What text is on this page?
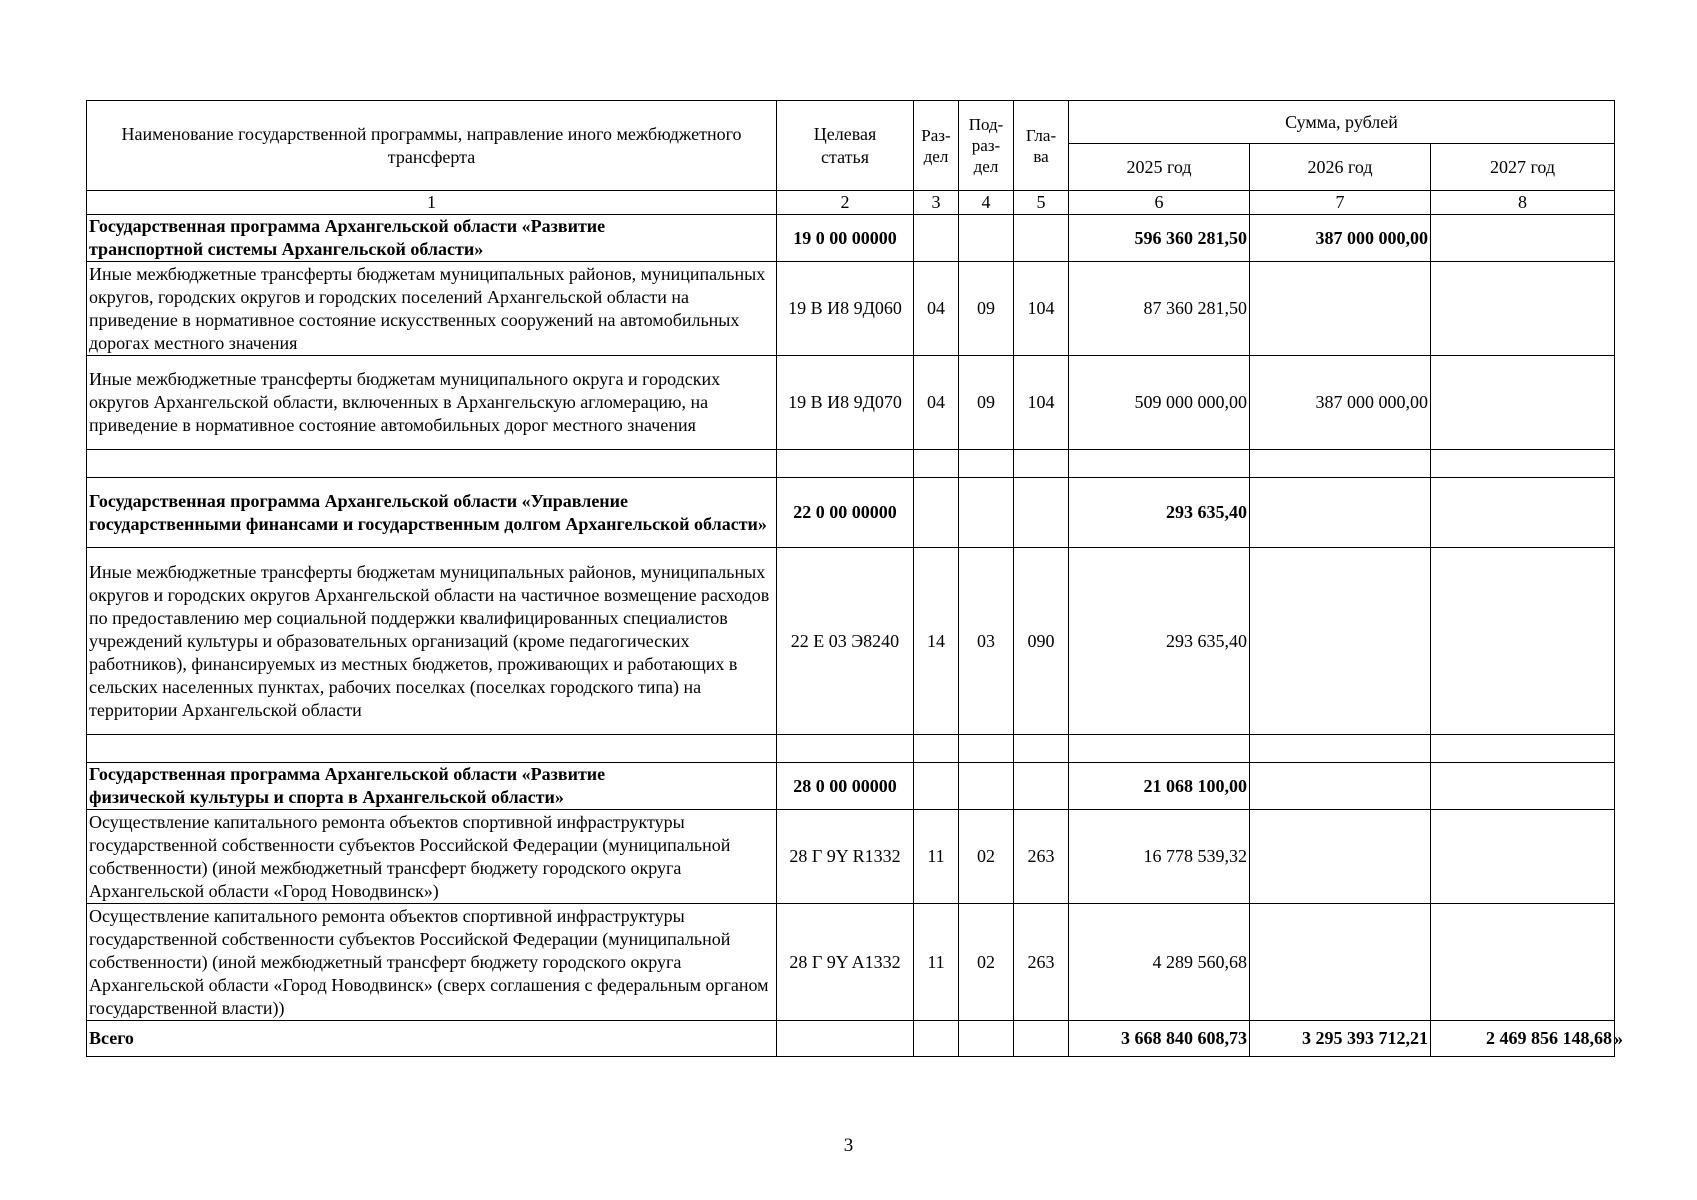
Наименование государственной программы, направление иного межбюджетного трансферта	Целевая статья	Раз-дел	Под-раз-дел	Гла-ва	Сумма, рублей		
					2025 год	2026 год	2027 год
1	2	3	4	5	6	7	8
Государственная программа Архангельской области «Развитие транспортной системы Архангельской области»	19 0 00 00000				596 360 281,50	387 000 000,00	
Иные межбюджетные трансферты бюджетам муниципальных районов, муниципальных округов, городских округов и городских поселений Архангельской области на приведение в нормативное состояние искусственных сооружений на автомобильных дорогах местного значения	19 В И8 9Д060	04	09	104	87 360 281,50		
Иные межбюджетные трансферты бюджетам муниципального округа и городских округов Архангельской области, включенных в Архангельскую агломерацию, на приведение в нормативное состояние автомобильных дорог местного значения	19 В И8 9Д070	04	09	104	509 000 000,00	387 000 000,00	

Государственная программа Архангельской области «Управление государственными финансами и государственным долгом Архангельской области»	22 0 00 00000				293 635,40		
Иные межбюджетные трансферты бюджетам муниципальных районов, муниципальных округов и городских округов Архангельской области на частичное возмещение расходов по предоставлению мер социальной поддержки квалифицированных специалистов учреждений культуры и образовательных организаций (кроме педагогических работников), финансируемых из местных бюджетов, проживающих и работающих в сельских населенных пунктах, рабочих поселках (поселках городского типа) на территории Архангельской области	22 Е 03 Э8240	14	03	090	293 635,40		

Государственная программа Архангельской области «Развитие физической культуры и спорта в Архангельской области»	28 0 00 00000				21 068 100,00		
Осуществление капитального ремонта объектов спортивной инфраструктуры государственной собственности субъектов Российской Федерации (муниципальной собственности) (иной межбюджетный трансферт бюджету городского округа Архангельской области «Город Новодвинск»)	28 Г 9Y R1332	11	02	263	16 778 539,32		
Осуществление капитального ремонта объектов спортивной инфраструктуры государственной собственности субъектов Российской Федерации (муниципальной собственности) (иной межбюджетный трансферт бюджету городского округа Архангельской области «Город Новодвинск» (сверх соглашения с федеральным органом государственной власти))	28 Г 9Y A1332	11	02	263	4 289 560,68		
Всего					3 668 840 608,73	3 295 393 712,21	2 469 856 148,68 »
3
